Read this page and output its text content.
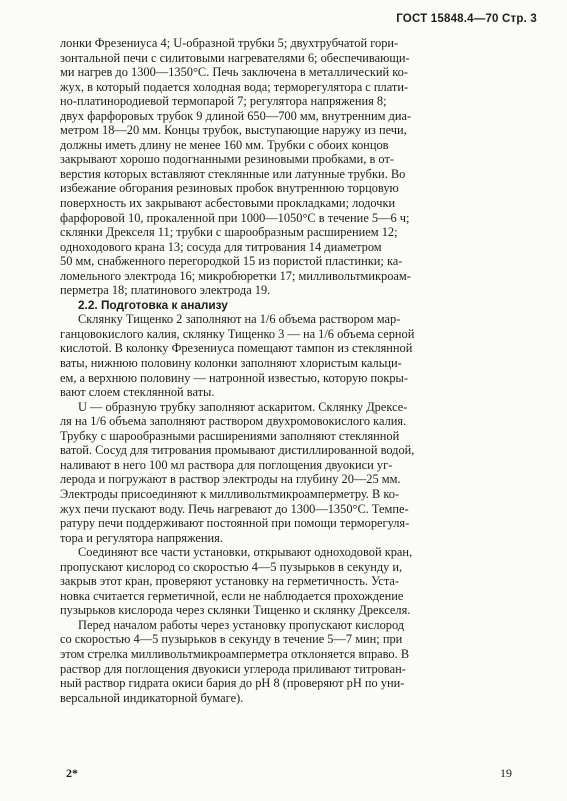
ГОСТ 15848.4—70 Стр. 3
лонки Фрезениуса 4; U-образной трубки 5; двухтрубчатой гори-
зонтальной печи с силитовыми нагревателями 6; обеспечивающи-
ми нагрев до 1300—1350°С. Печь заключена в металлический ко-
жух, в который подается холодная вода; терморегулятора с плати-
но-платинородиевой термопарой 7; регулятора напряжения 8;
двух фарфоровых трубок 9 длиной 650—700 мм, внутренним диа-
метром 18—20 мм. Концы трубок, выступающие наружу из печи,
должны иметь длину не менее 160 мм. Трубки с обоих концов
закрывают хорошо подогнанными резиновыми пробками, в от-
верстия которых вставляют стеклянные или латунные трубки. Во
избежание обгорания резиновых пробок внутреннюю торцовую
поверхность их закрывают асбестовыми прокладками; лодочки
фарфоровой 10, прокаленной при 1000—1050°С в течение 5—6 ч;
склянки Дрекселя 11; трубки с шарообразным расширением 12;
одноходового крана 13; сосуда для титрования 14 диаметром
50 мм, снабженного перегородкой 15 из пористой пластинки; ка-
ломельного электрода 16; микробюретки 17; милливольтмикроам-
перметра 18; платинового электрода 19.
2.2. Подготовка к анализу
Склянку Тищенко 2 заполняют на 1/6 объема раствором мар-
ганцовокислого калия, склянку Тищенко 3 — на 1/6 объема серной
кислотой. В колонку Фрезениуса помещают тампон из стеклянной
ваты, нижнюю половину колонки заполняют хлористым кальци-
ем, а верхнюю половину — натронной известью, которую покры-
вают слоем стеклянной ваты.
U — образную трубку заполняют аскаритом. Склянку Дрексе-
ля на 1/6 объема заполняют раствором двухромовокислого калия.
Трубку с шарообразными расширениями заполняют стеклянной
ватой. Сосуд для титрования промывают дистиллированной водой,
наливают в него 100 мл раствора для поглощения двуокиси уг-
лерода и погружают в раствор электроды на глубину 20—25 мм.
Электроды присоединяют к милливольтмикроамперметру. В ко-
жух печи пускают воду. Печь нагревают до 1300—1350°С. Темпе-
ратуру печи поддерживают постоянной при помощи терморегуля-
тора и регулятора напряжения.
Соединяют все части установки, открывают одноходовой кран,
пропускают кислород со скоростью 4—5 пузырьков в секунду и,
закрыв этот кран, проверяют установку на герметичность. Уста-
новка считается герметичной, если не наблюдается прохождение
пузырьков кислорода через склянки Тищенко и склянку Дрекселя.
Перед началом работы через установку пропускают кислород
со скоростью 4—5 пузырьков в секунду в течение 5—7 мин; при
этом стрелка милливольтмикроамперметра отклоняется вправо. В
раствор для поглощения двуокиси углерода приливают титрован-
ный раствор гидрата окиси бария до pH 8 (проверяют pH по уни-
версальной индикаторной бумаге).
2*	19
